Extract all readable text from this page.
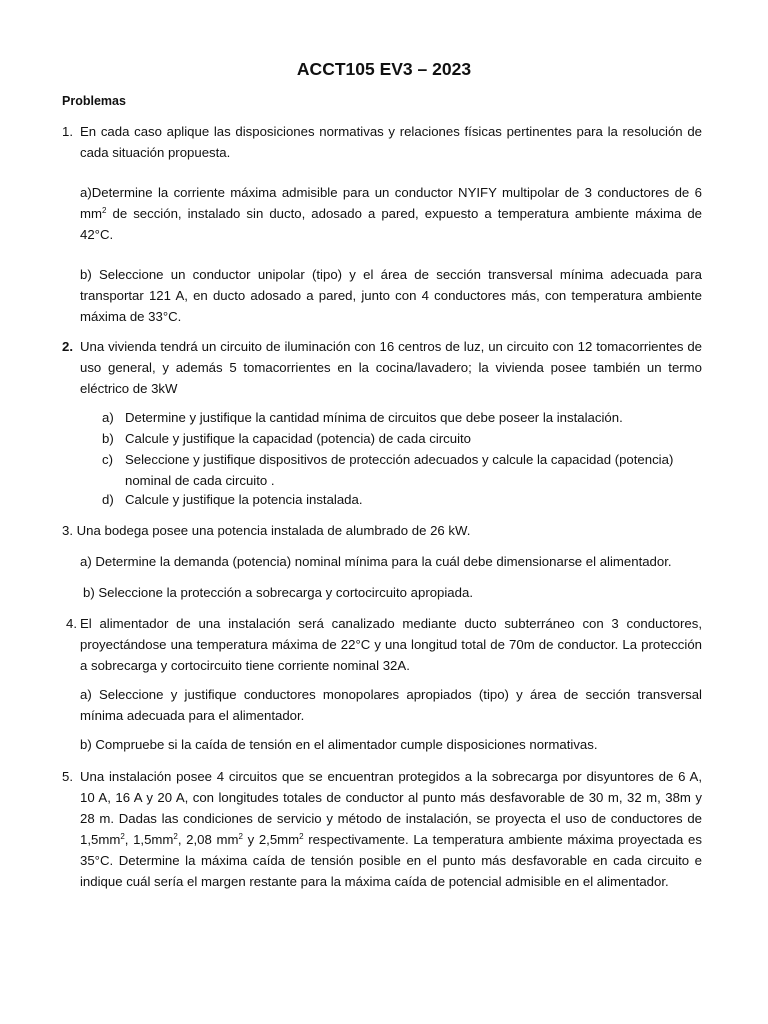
ACCT105 EV3 – 2023
Problemas
1. En cada caso aplique las disposiciones normativas y relaciones físicas pertinentes para la resolución de cada situación propuesta.
a)Determine la corriente máxima admisible para un conductor NYIFY multipolar de 3 conductores de 6 $mm^2$ de sección, instalado sin ducto, adosado a pared, expuesto a temperatura ambiente máxima de 42°C.
b) Seleccione un conductor unipolar (tipo) y el área de sección transversal mínima adecuada para transportar 121 A, en ducto adosado a pared, junto con 4 conductores más, con temperatura ambiente máxima de 33°C.
2. Una vivienda tendrá un circuito de iluminación con 16 centros de luz, un circuito con 12 tomacorrientes de uso general, y además 5 tomacorrientes en la cocina/lavadero; la vivienda posee también un termo eléctrico de 3kW
a) Determine y justifique la cantidad mínima de circuitos que debe poseer la instalación.
b) Calcule y justifique la capacidad (potencia) de cada circuito
c) Seleccione y justifique dispositivos de protección adecuados y calcule la capacidad (potencia) nominal de cada circuito .
d) Calcule y justifique la potencia instalada.
3. Una bodega posee una potencia instalada de alumbrado de 26 kW.
a) Determine la demanda (potencia) nominal mínima para la cuál debe dimensionarse el alimentador.
b) Seleccione la protección a sobrecarga y cortocircuito apropiada.
4. El alimentador de una instalación será canalizado mediante ducto subterráneo con 3 conductores, proyectándose una temperatura máxima de 22°C y una longitud total de 70m de conductor. La protección a sobrecarga y cortocircuito tiene corriente nominal 32A.
a) Seleccione y justifique conductores monopolares apropiados (tipo) y área de sección transversal mínima adecuada para el alimentador.
b) Compruebe si la caída de tensión en el alimentador cumple disposiciones normativas.
5. Una instalación posee 4 circuitos que se encuentran protegidos a la sobrecarga por disyuntores de 6 A, 10 A, 16 A y 20 A, con longitudes totales de conductor al punto más desfavorable de 30 m, 32 m, 38m y 28 m. Dadas las condiciones de servicio y método de instalación, se proyecta el uso de conductores de $1,5mm^2$, $1,5mm^2$, 2,08 $mm^2$ y $2,5mm^2$ respectivamente. La temperatura ambiente máxima proyectada es 35°C. Determine la máxima caída de tensión posible en el punto más desfavorable en cada circuito e indique cuál sería el margen restante para la máxima caída de potencial admisible en el alimentador.
